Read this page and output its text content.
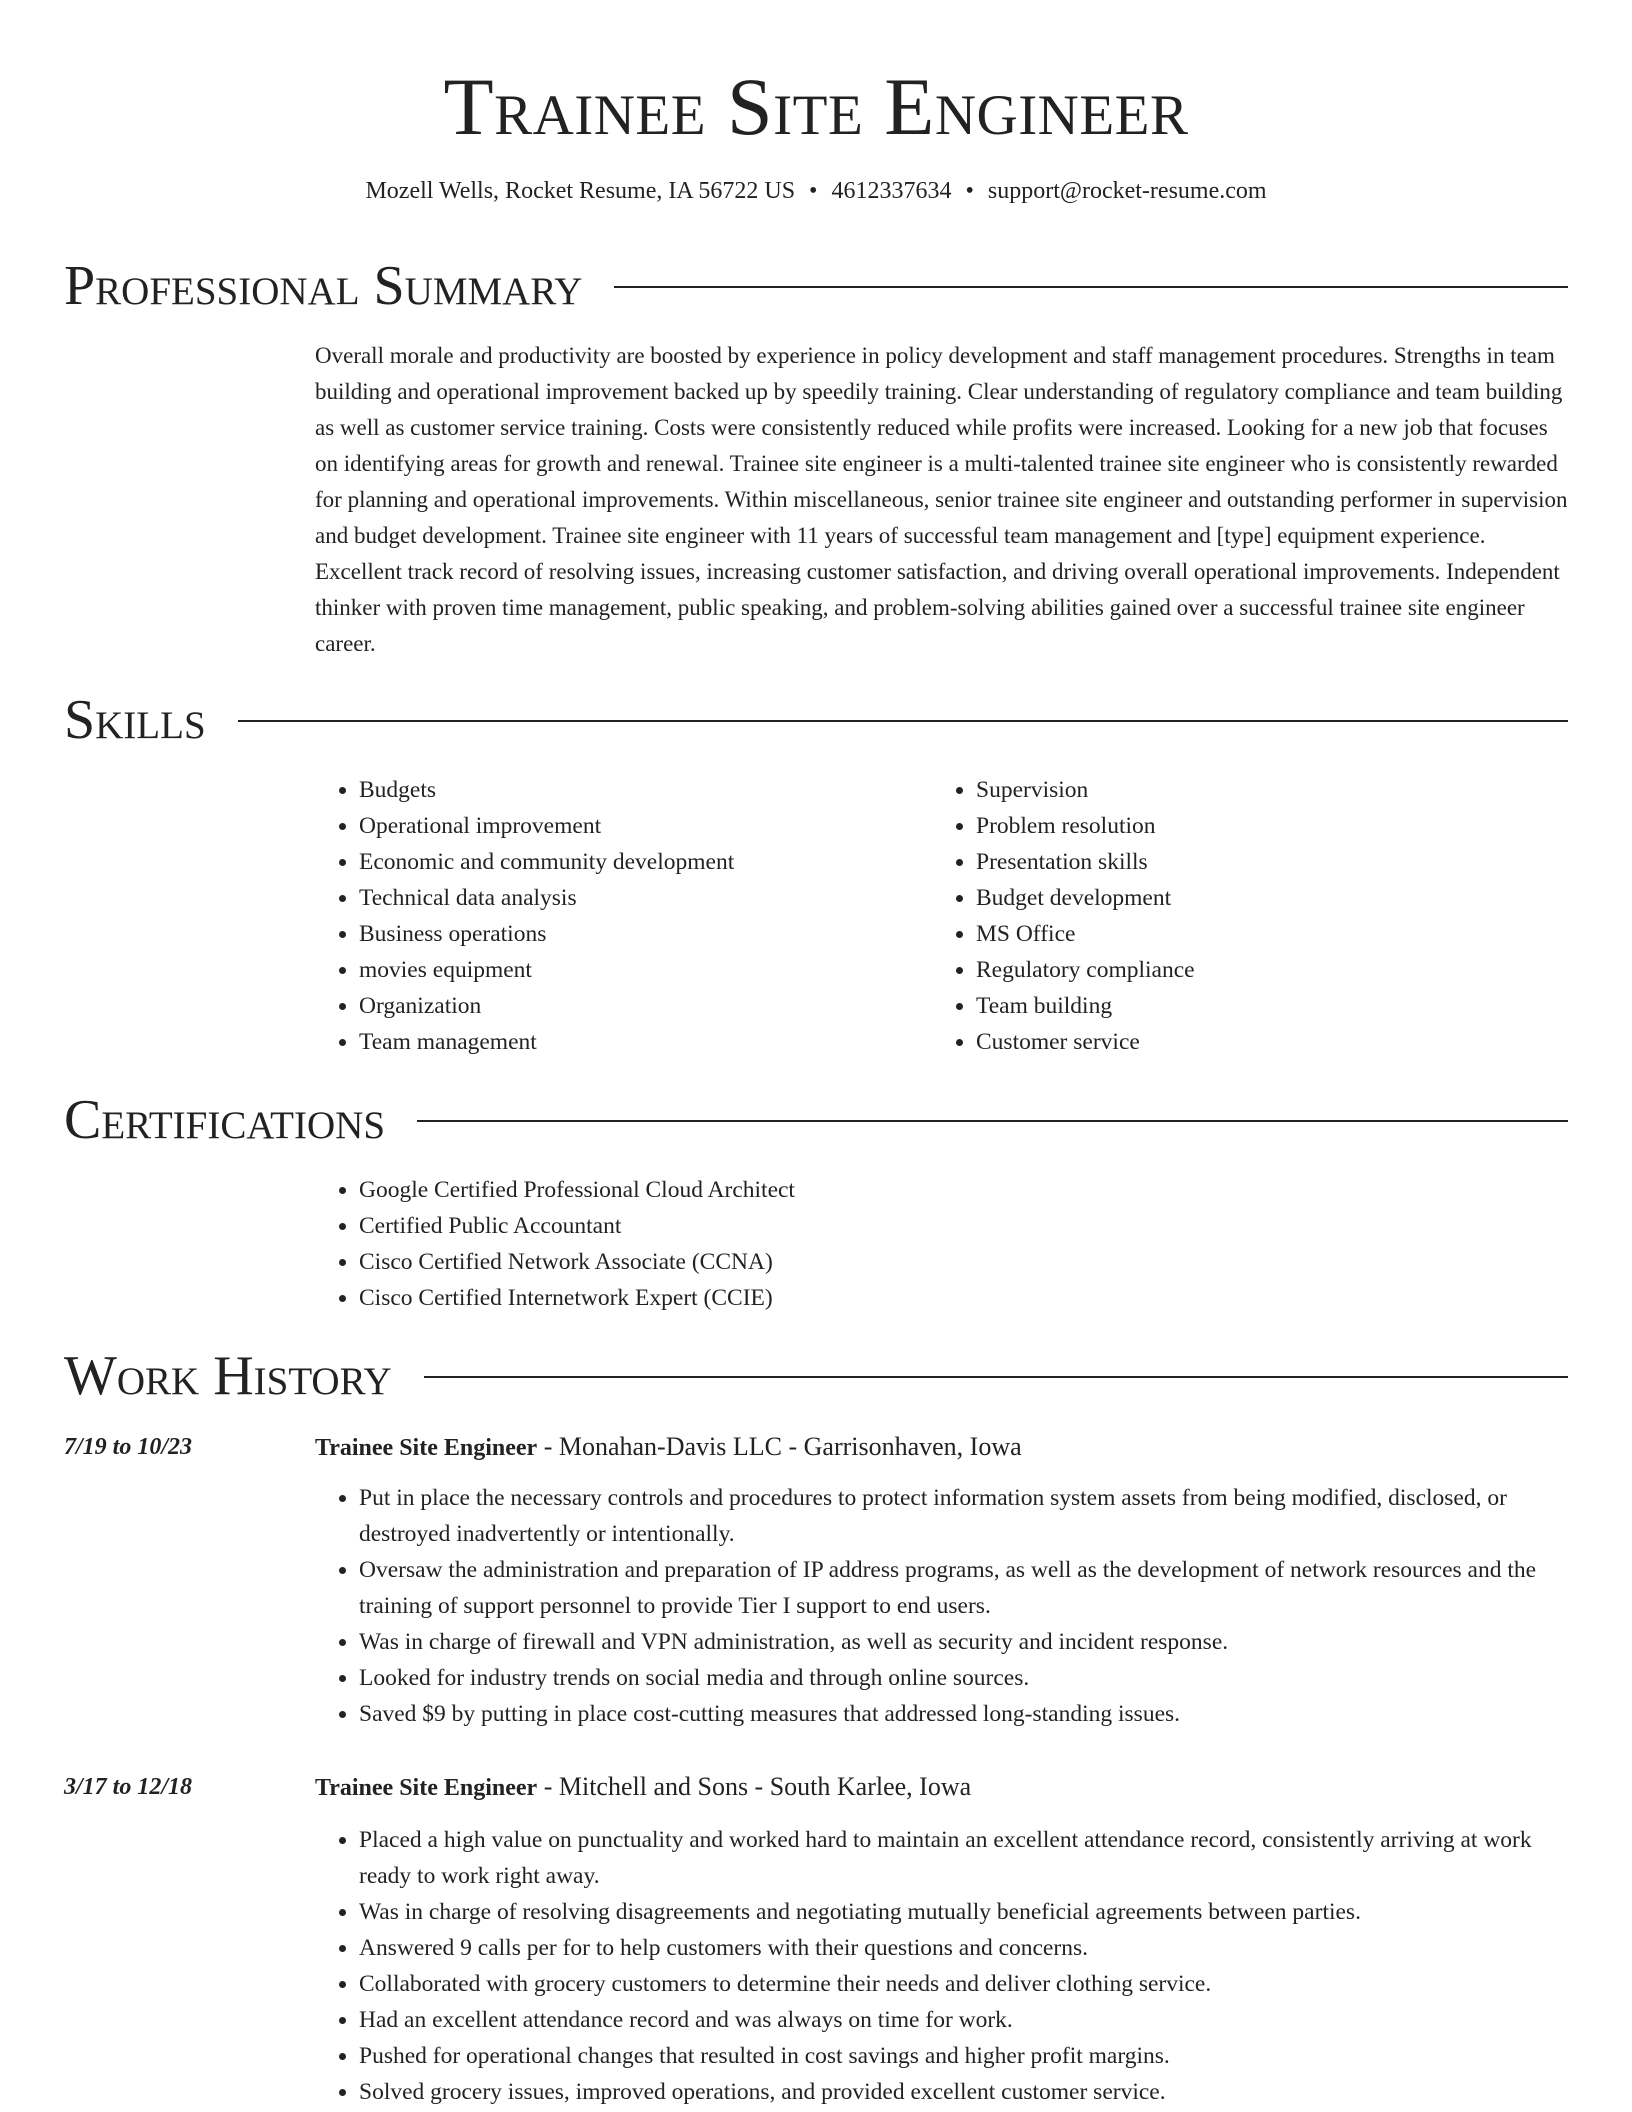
Trainee Site Engineer
Mozell Wells, Rocket Resume, IA 56722 US • 4612337634 • support@rocket-resume.com
Professional Summary

Overall morale and productivity are boosted by experience in policy development and staff management procedures. Strengths in team building and operational improvement backed up by speedily training. Clear understanding of regulatory compliance and team building as well as customer service training. Costs were consistently reduced while profits were increased. Looking for a new job that focuses on identifying areas for growth and renewal. Trainee site engineer is a multi-talented trainee site engineer who is consistently rewarded for planning and operational improvements. Within miscellaneous, senior trainee site engineer and outstanding performer in supervision and budget development. Trainee site engineer with 11 years of successful team management and [type] equipment experience. Excellent track record of resolving issues, increasing customer satisfaction, and driving overall operational improvements. Independent thinker with proven time management, public speaking, and problem-solving abilities gained over a successful trainee site engineer career.

Skills
• Budgets
• Operational improvement
• Economic and community development
• Technical data analysis
• Business operations
• movies equipment
• Organization
• Team management
• Supervision
• Problem resolution
• Presentation skills
• Budget development
• MS Office
• Regulatory compliance
• Team building
• Customer service
Certifications
• Google Certified Professional Cloud Architect
• Certified Public Accountant
• Cisco Certified Network Associate (CCNA)
• Cisco Certified Internetwork Expert (CCIE)
Work History
7/19 to 10/23	Trainee Site Engineer - Monahan-Davis LLC - Garrisonhaven, Iowa
• Put in place the necessary controls and procedures to protect information system assets from being modified, disclosed, or destroyed inadvertently or intentionally.
• Oversaw the administration and preparation of IP address programs, as well as the development of network resources and the training of support personnel to provide Tier I support to end users.
• Was in charge of firewall and VPN administration, as well as security and incident response.
• Looked for industry trends on social media and through online sources.
• Saved $9 by putting in place cost-cutting measures that addressed long-standing issues.
3/17 to 12/18	Trainee Site Engineer - Mitchell and Sons - South Karlee, Iowa
• Placed a high value on punctuality and worked hard to maintain an excellent attendance record, consistently arriving at work ready to work right away.
• Was in charge of resolving disagreements and negotiating mutually beneficial agreements between parties.
• Answered 9 calls per for to help customers with their questions and concerns.
• Collaborated with grocery customers to determine their needs and deliver clothing service.
• Had an excellent attendance record and was always on time for work.
• Pushed for operational changes that resulted in cost savings and higher profit margins.
• Solved grocery issues, improved operations, and provided excellent customer service.
